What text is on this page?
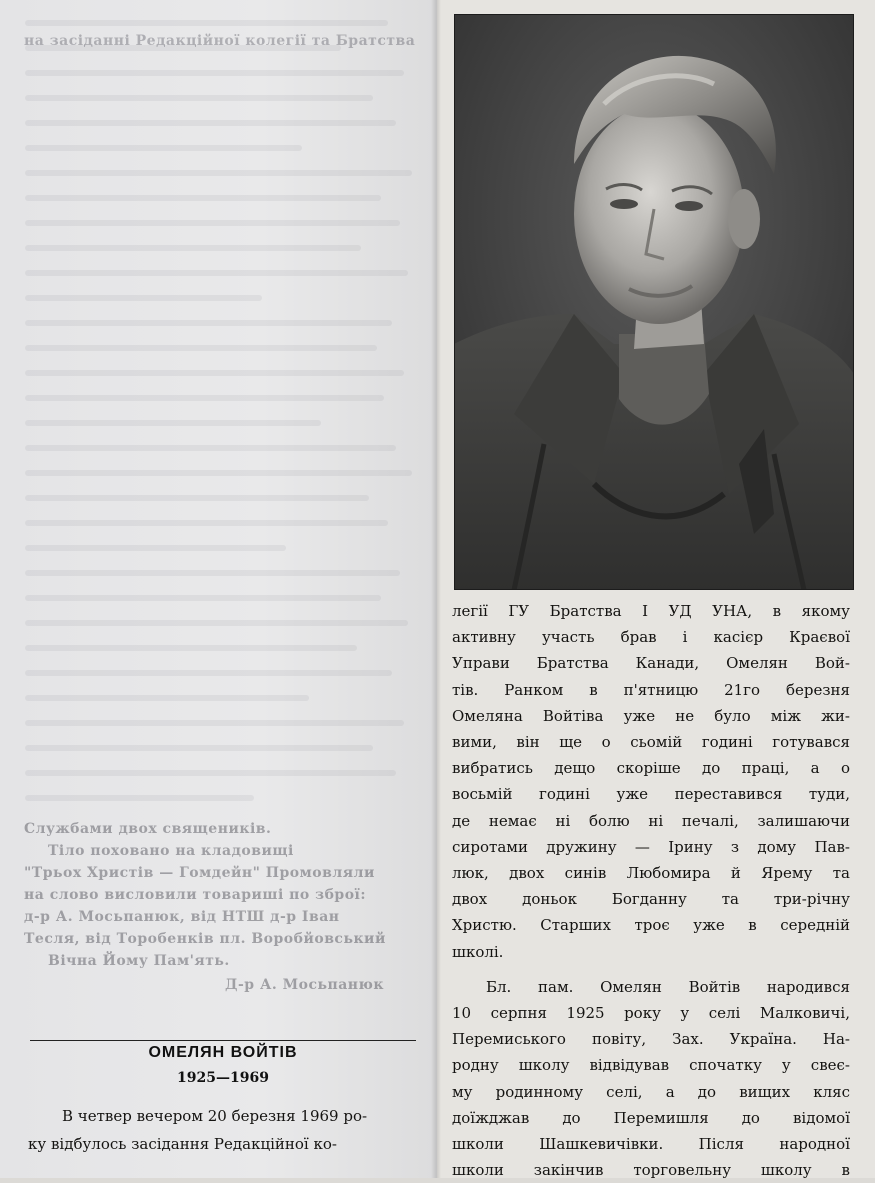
на засіданні Редакційної колегії та Братства

Службами двох священиків.

Тіло поховано на кладовищі

"Трьох Христів — Гомдейн" Промовляли

на слово висловили товариші по зброї:

д-р А. Мосьпанюк, від НТШ д-р Іван

Тесля, від Торобенків пл. Воробйовський

Вічна Йому Пам'ять.

Д-р А. Мосьпанюк

ОМЕЛЯН ВОЙТІВ
1925—1969
В четвер вечером 20 березня 1969 ро-
ку відбулось засідання Редакційної ко-
легії ГУ Братства І УД УНА, в якому
активну участь брав і касієр Краєвої
Управи Братства Канади, Омелян Вой-
тів. Ранком в п'ятницю 21го березня
Омеляна Войтіва уже не було між жи-
вими, він ще о сьомій годині готувався
вибратись дещо скоріше до праці, а о
восьмій годині уже переставився туди,
де немає ні болю ні печалі, залишаючи
сиротами дружину — Ірину з дому Пав-
люк, двох синів Любомира й Ярему та
двох доньок Богданну та три-річну
Христю. Старших троє уже в середній
школі.
Бл. пам. Омелян Войтів народився
10 серпня 1925 року у селі Малковичі,
Перемиського повіту, Зах. Україна. На-
родну школу відвідував спочатку у свеє-
му родинному селі, а до вищих кляс
доїжджав до Перемишля до відомої
школи Шашкевичівки. Після народної
школи закінчив торговельну школу в
